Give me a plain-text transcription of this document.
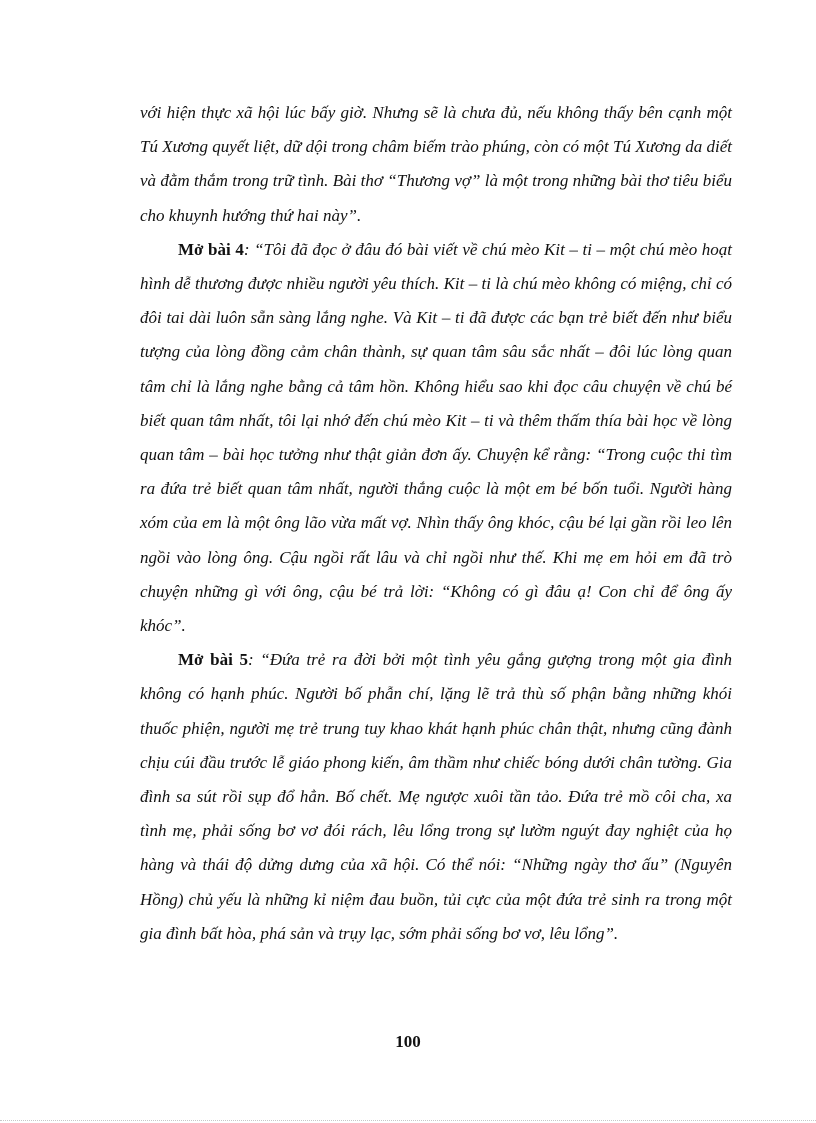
với hiện thực xã hội lúc bấy giờ. Nhưng sẽ là chưa đủ, nếu không thấy bên cạnh một Tú Xương quyết liệt, dữ dội trong châm biếm trào phúng, còn có một Tú Xương da diết và đằm thắm trong trữ tình. Bài thơ “Thương vợ” là một trong những bài thơ tiêu biểu cho khuynh hướng thứ hai này”.

Mở bài 4: “Tôi đã đọc ở đâu đó bài viết về chú mèo Kit – ti – một chú mèo hoạt hình dễ thương được nhiều người yêu thích. Kit – ti là chú mèo không có miệng, chỉ có đôi tai dài luôn sẵn sàng lắng nghe. Và Kit – ti đã được các bạn trẻ biết đến như biểu tượng của lòng đồng cảm chân thành, sự quan tâm sâu sắc nhất – đôi lúc lòng quan tâm chỉ là lắng nghe bằng cả tâm hồn. Không hiểu sao khi đọc câu chuyện về chú bé biết quan tâm nhất, tôi lại nhớ đến chú mèo Kit – ti và thêm thấm thía bài học về lòng quan tâm – bài học tưởng như thật giản đơn ấy. Chuyện kể rằng: “Trong cuộc thi tìm ra đứa trẻ biết quan tâm nhất, người thắng cuộc là một em bé bốn tuổi. Người hàng xóm của em là một ông lão vừa mất vợ. Nhìn thấy ông khóc, cậu bé lại gần rồi leo lên ngồi vào lòng ông. Cậu ngồi rất lâu và chỉ ngồi như thế. Khi mẹ em hỏi em đã trò chuyện những gì với ông, cậu bé trả lời: “Không có gì đâu ạ! Con chỉ để ông ấy khóc”.

Mở bài 5: “Đứa trẻ ra đời bởi một tình yêu gắng gượng trong một gia đình không có hạnh phúc. Người bố phẫn chí, lặng lẽ trả thù số phận bằng những khói thuốc phiện, người mẹ trẻ trung tuy khao khát hạnh phúc chân thật, nhưng cũng đành chịu cúi đầu trước lễ giáo phong kiến, âm thầm như chiếc bóng dưới chân tường. Gia đình sa sút rồi sụp đổ hẳn. Bố chết. Mẹ ngược xuôi tần tảo. Đứa trẻ mồ côi cha, xa tình mẹ, phải sống bơ vơ đói rách, lêu lổng trong sự lườm nguýt đay nghiệt của họ hàng và thái độ dửng dưng của xã hội. Có thể nói: “Những ngày thơ ấu” (Nguyên Hồng) chủ yếu là những kỉ niệm đau buồn, tủi cực của một đứa trẻ sinh ra trong một gia đình bất hòa, phá sản và trụy lạc, sớm phải sống bơ vơ, lêu lổng”.

100
